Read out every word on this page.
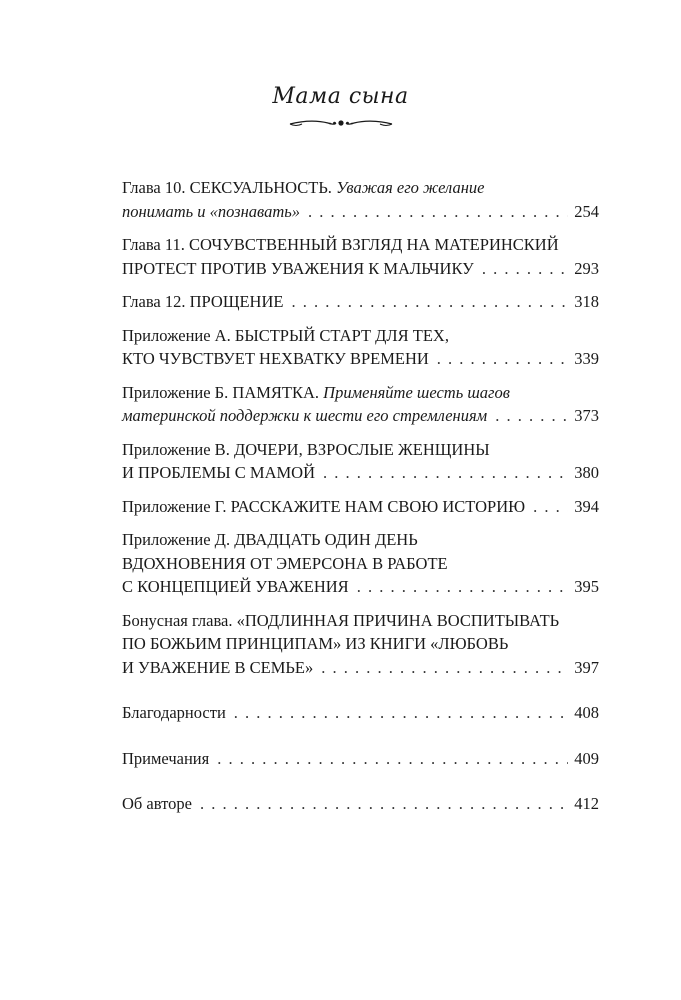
Мама сына
Глава 10. СЕКСУАЛЬНОСТЬ. Уважая его желание
понимать и «познавать» . . .	254
Глава 11. СОЧУВСТВЕННЫЙ ВЗГЛЯД НА МАТЕРИНСКИЙ
ПРОТЕСТ ПРОТИВ УВАЖЕНИЯ К МАЛЬЧИКУ . . .	293
Глава 12. ПРОЩЕНИЕ . . .	318
Приложение А. БЫСТРЫЙ СТАРТ ДЛЯ ТЕХ,
КТО ЧУВСТВУЕТ НЕХВАТКУ ВРЕМЕНИ . . .	339
Приложение Б. ПАМЯТКА. Применяйте шесть шагов
материнской поддержки к шести его стремлениям . . .	373
Приложение В. ДОЧЕРИ, ВЗРОСЛЫЕ ЖЕНЩИНЫ
И ПРОБЛЕМЫ С МАМОЙ . . .	380
Приложение Г. РАССКАЖИТЕ НАМ СВОЮ ИСТОРИЮ . . .	394
Приложение Д. ДВАДЦАТЬ ОДИН ДЕНЬ
ВДОХНОВЕНИЯ ОТ ЭМЕРСОНА В РАБОТЕ
С КОНЦЕПЦИЕЙ УВАЖЕНИЯ . . .	395
Бонусная глава. «ПОДЛИННАЯ ПРИЧИНА ВОСПИТЫВАТЬ
ПО БОЖЬИМ ПРИНЦИПАМ» ИЗ КНИГИ «ЛЮБОВЬ
И УВАЖЕНИЕ В СЕМЬЕ» . . .	397
Благодарности . . .	408
Примечания . . .	409
Об авторе . . .	412
